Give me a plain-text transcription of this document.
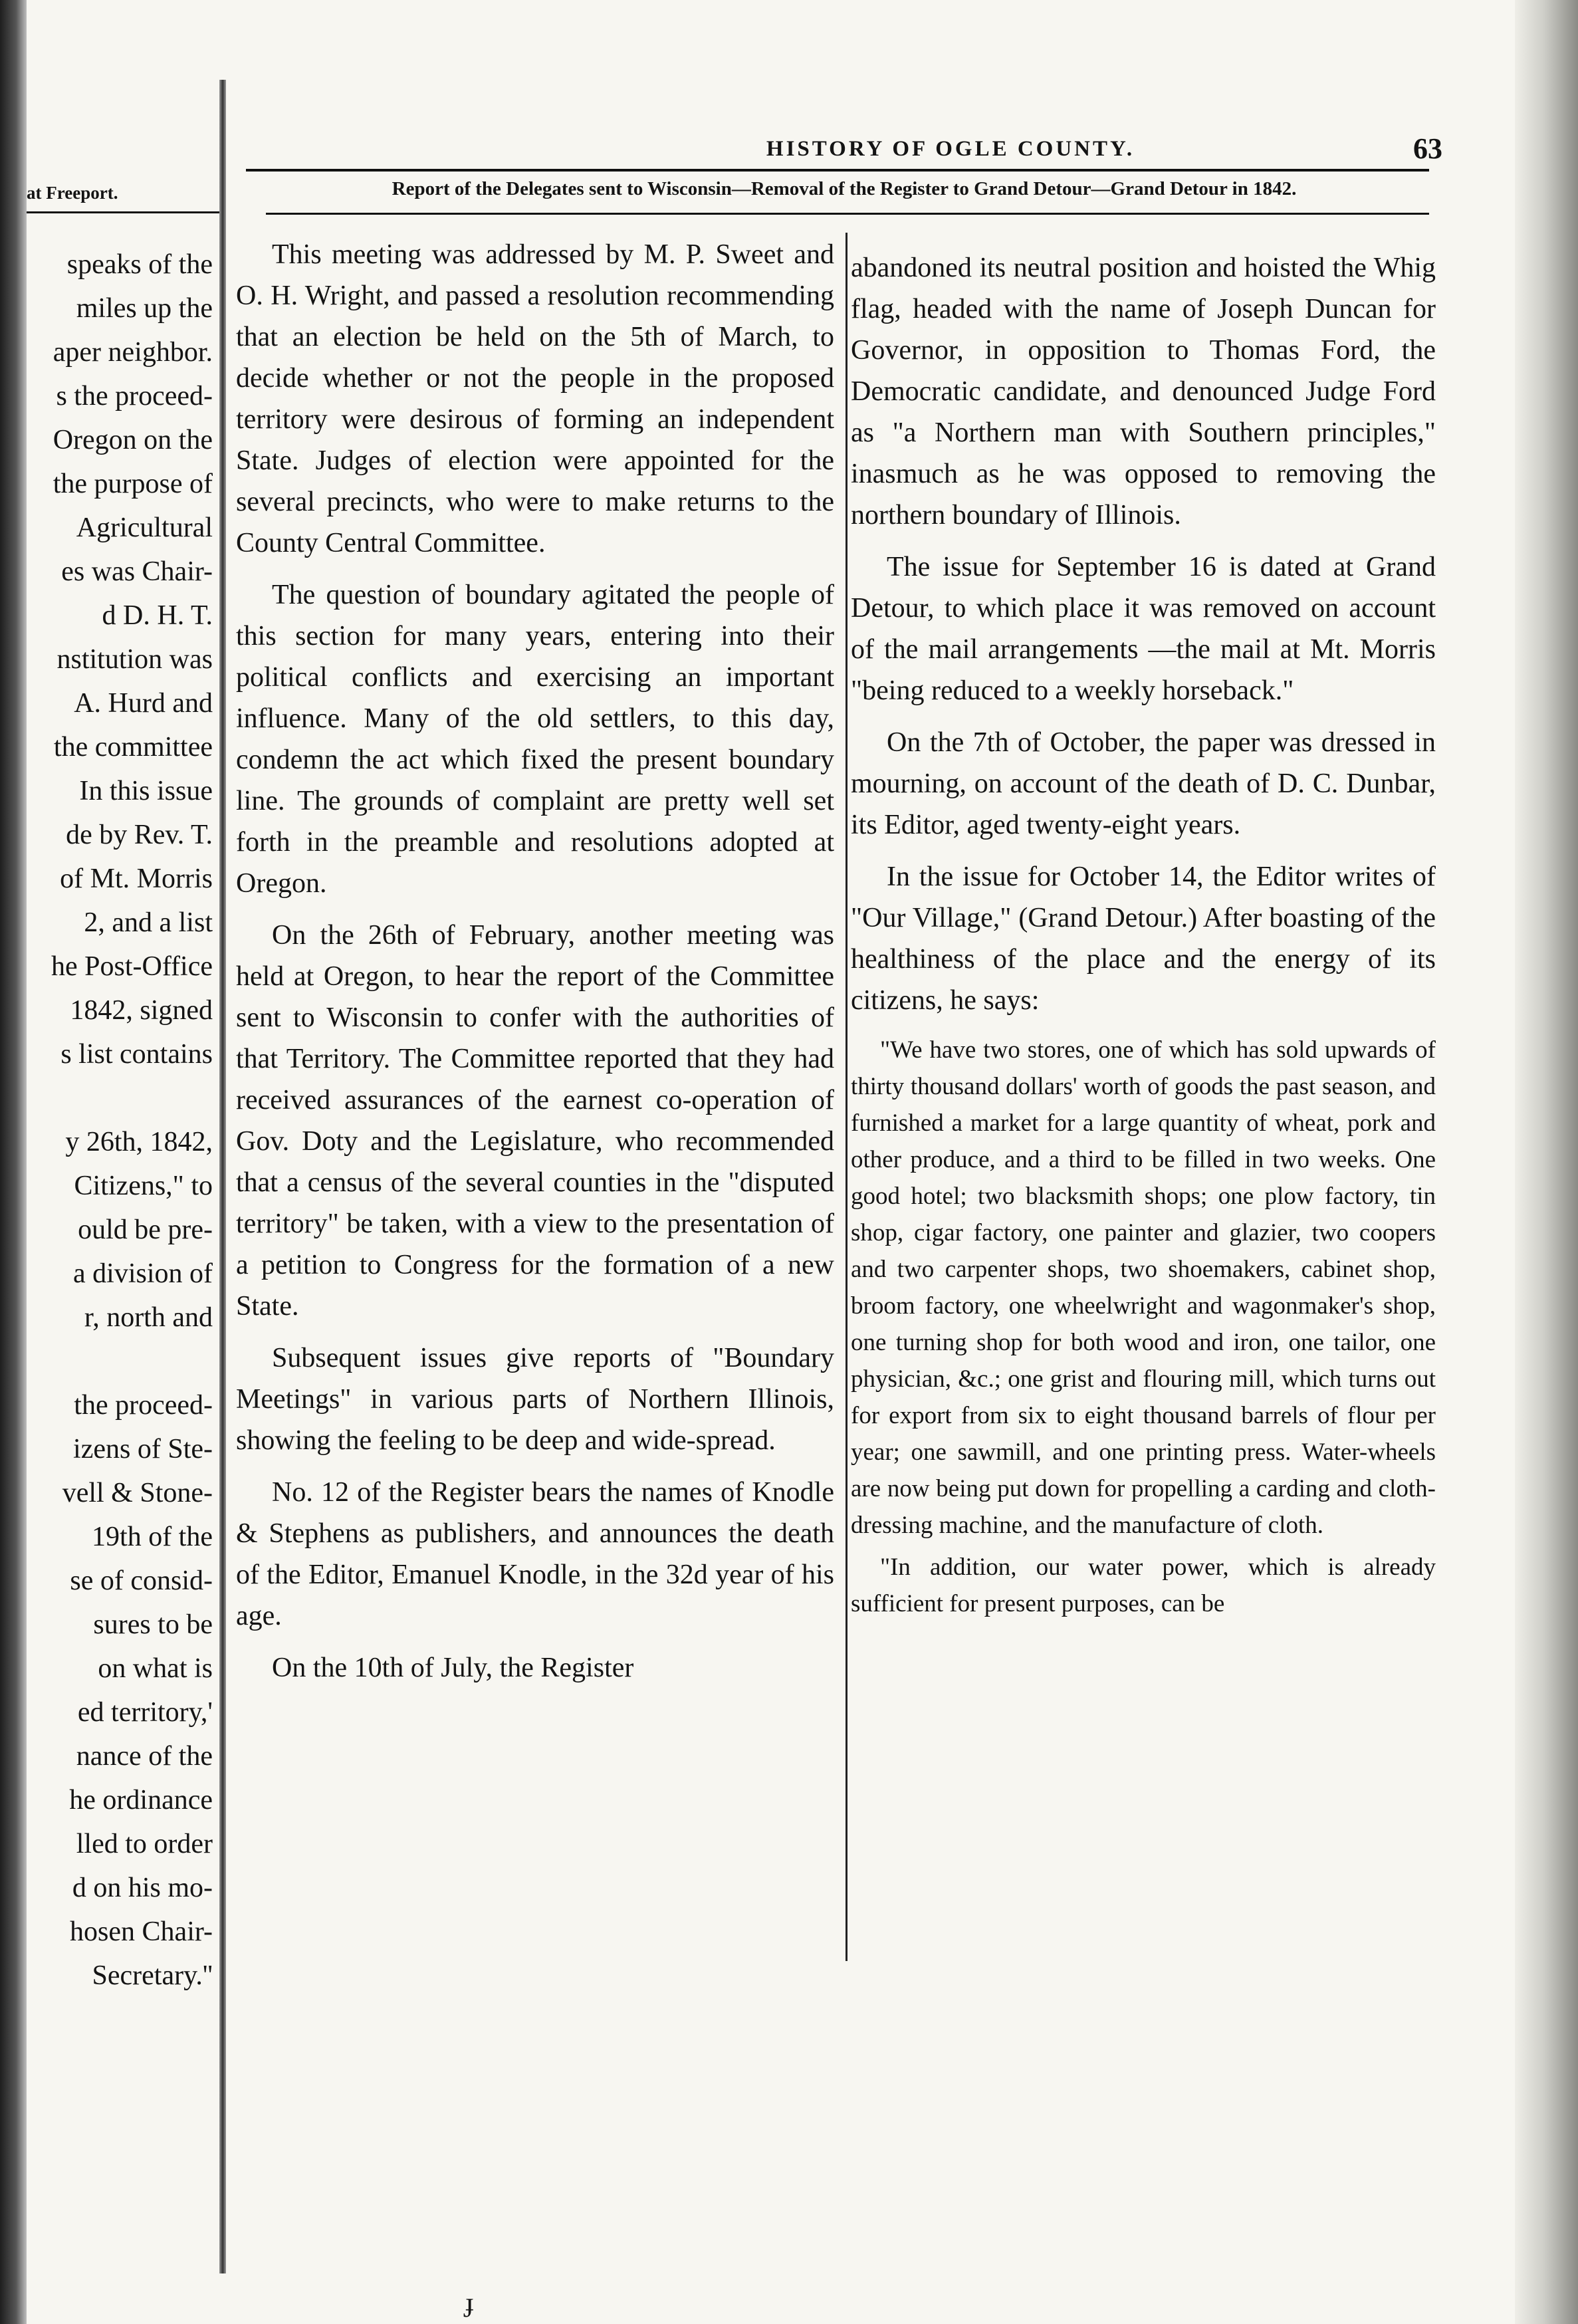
at Freeport.
speaks of the
miles up the
aper neighbor.
s the proceed-
Oregon on the
the purpose of
Agricultural
es was Chair-
d D. H. T.
nstitution was
A. Hurd and
the committee
In this issue
de by Rev. T.
of Mt. Morris
2, and a list
he Post-Office
1842, signed
s list contains
y 26th, 1842,
Citizens," to
ould be pre-
a division of
r, north and
the proceed-
izens of Ste-
vell & Stone-
19th of the
se of consid-
sures to be
on what is
ed territory,'
nance of the
he ordinance
lled to order
d on his mo-
hosen Chair-
Secretary.''
HISTORY OF OGLE COUNTY.	63
Report of the Delegates sent to Wisconsin—Removal of the Register to Grand Detour—Grand Detour in 1842.

This meeting was addressed by M. P. Sweet and O. H. Wright, and passed a resolution recommending that an election be held on the 5th of March, to decide whether or not the people in the proposed territory were desirous of forming an independent State. Judges of election were appointed for the several precincts, who were to make returns to the County Central Committee.

The question of boundary agitated the people of this section for many years, entering into their political conflicts and exercising an important influence. Many of the old settlers, to this day, condemn the act which fixed the present boundary line. The grounds of complaint are pretty well set forth in the preamble and resolutions adopted at Oregon.

On the 26th of February, another meeting was held at Oregon, to hear the report of the Committee sent to Wisconsin to confer with the authorities of that Territory. The Committee reported that they had received assurances of the earnest co-operation of Gov. Doty and the Legislature, who recommended that a census of the several counties in the "disputed territory" be taken, with a view to the presentation of a petition to Congress for the formation of a new State.

Subsequent issues give reports of "Boundary Meetings" in various parts of Northern Illinois, showing the feeling to be deep and wide-spread.

No. 12 of the Register bears the names of Knodle & Stephens as publishers, and announces the death of the Editor, Emanuel Knodle, in the 32d year of his age.

On the 10th of July, the Register

abandoned its neutral position and hoisted the Whig flag, headed with the name of Joseph Duncan for Governor, in opposition to Thomas Ford, the Democratic candidate, and denounced Judge Ford as "a Northern man with Southern principles," inasmuch as he was opposed to removing the northern boundary of Illinois.

The issue for September 16 is dated at Grand Detour, to which place it was removed on account of the mail arrangements —the mail at Mt. Morris "being reduced to a weekly horseback."

On the 7th of October, the paper was dressed in mourning, on account of the death of D. C. Dunbar, its Editor, aged twenty-eight years.

In the issue for October 14, the Editor writes of "Our Village," (Grand Detour.) After boasting of the healthiness of the place and the energy of its citizens, he says:

"We have two stores, one of which has sold upwards of thirty thousand dollars' worth of goods the past season, and furnished a market for a large quantity of wheat, pork and other produce, and a third to be filled in two weeks. One good hotel; two blacksmith shops; one plow factory, tin shop, cigar factory, one painter and glazier, two coopers and two carpenter shops, two shoemakers, cabinet shop, broom factory, one wheelwright and wagonmaker's shop, one turning shop for both wood and iron, one tailor, one physician, &c.; one grist and flouring mill, which turns out for export from six to eight thousand barrels of flour per year; one sawmill, and one printing press. Water-wheels are now being put down for propelling a carding and cloth-dressing machine, and the manufacture of cloth.

"In addition, our water power, which is already sufficient for present purposes, can be

ɟ
